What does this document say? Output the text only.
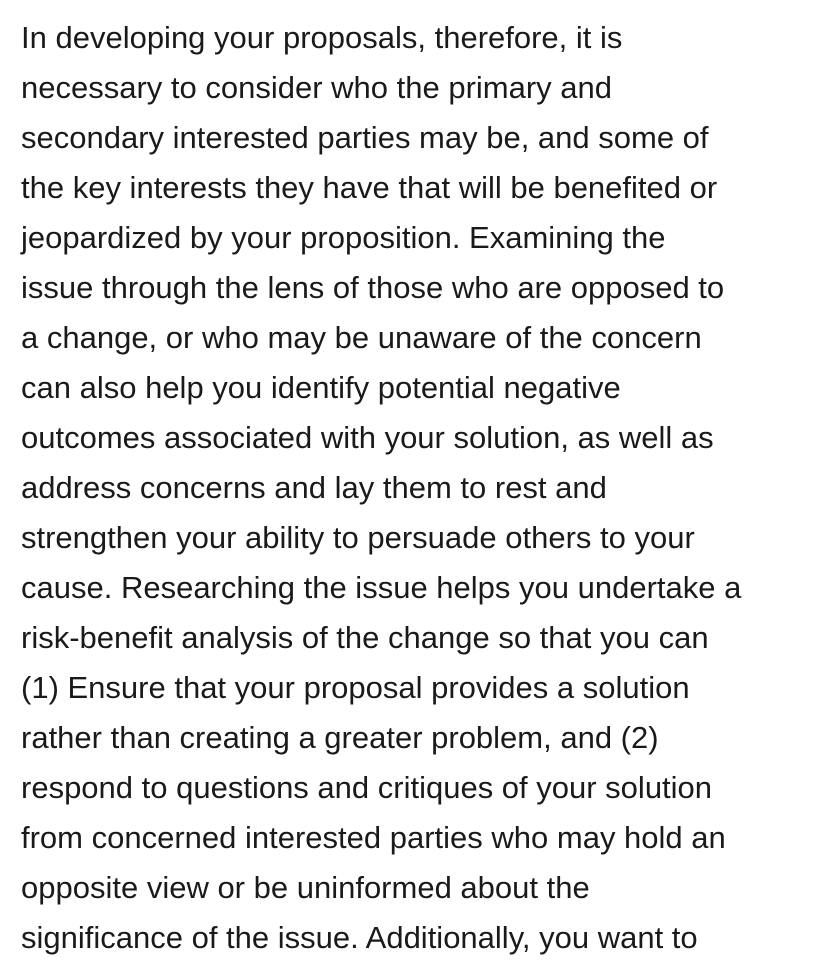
In developing your proposals, therefore, it is
necessary to consider who the primary and
secondary interested parties may be, and some of
the key interests they have that will be benefited or
jeopardized by your proposition. Examining the
issue through the lens of those who are opposed to
a change, or who may be unaware of the concern
can also help you identify potential negative
outcomes associated with your solution, as well as
address concerns and lay them to rest and
strengthen your ability to persuade others to your
cause. Researching the issue helps you undertake a
risk-benefit analysis of the change so that you can
(1) Ensure that your proposal provides a solution
rather than creating a greater problem, and (2)
respond to questions and critiques of your solution
from concerned interested parties who may hold an
opposite view or be uninformed about the
significance of the issue. Additionally, you want to
